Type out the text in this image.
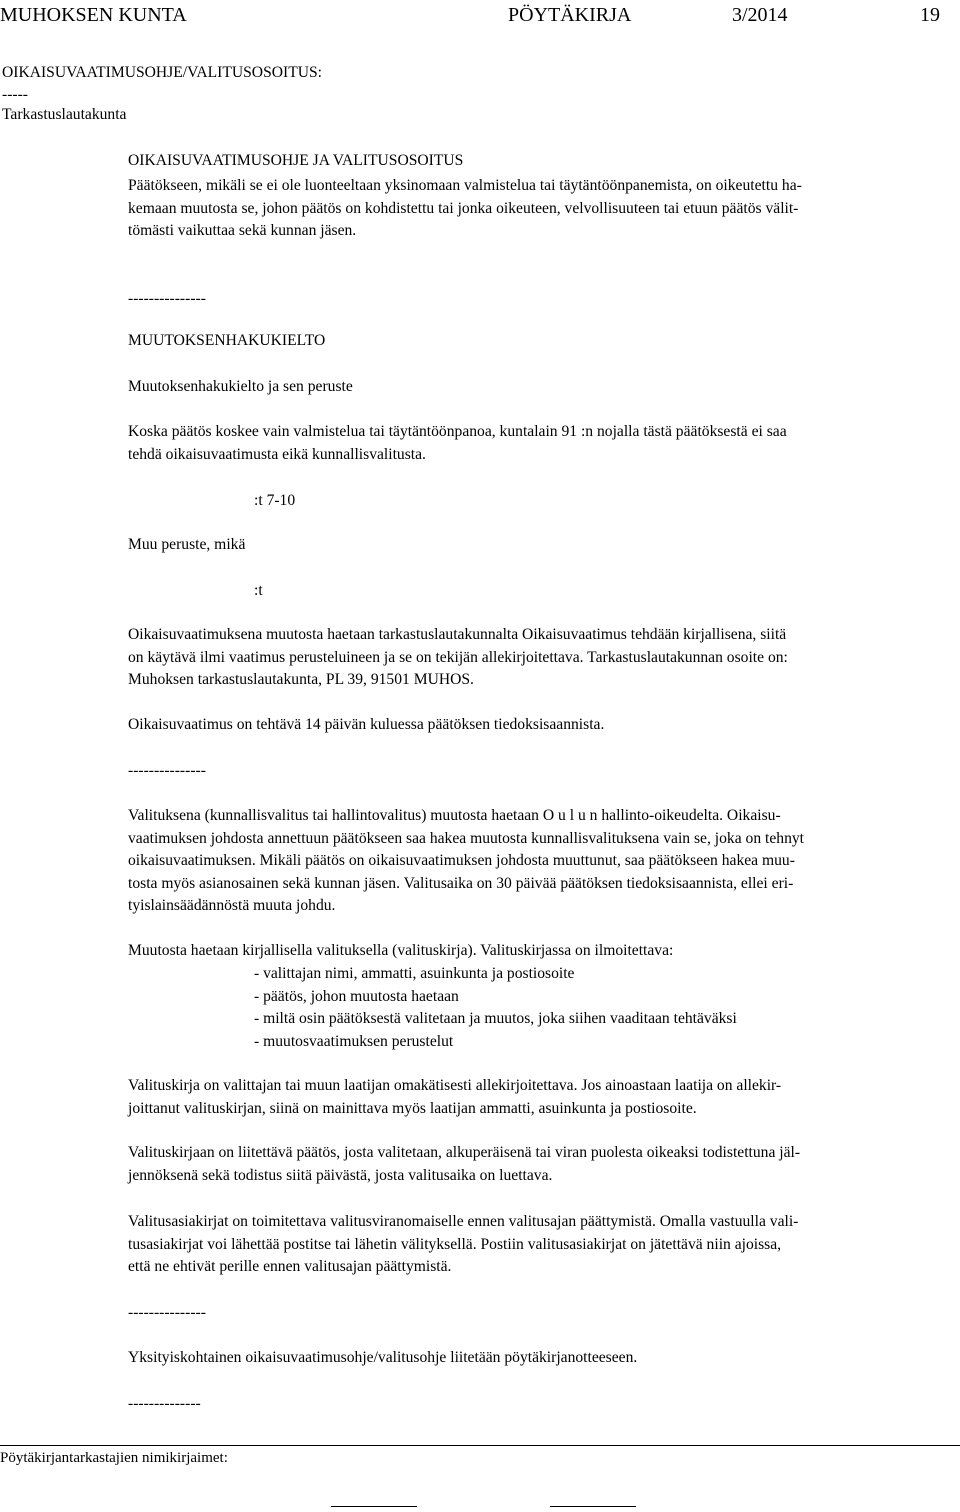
MUHOKSEN KUNTA	PÖYTÄKIRJA	3/2014	19
OIKAISUVAATIMUSOHJE/VALITUSOSOITUS:
-----
Tarkastuslautakunta
OIKAISUVAATIMUSOHJE JA VALITUSOSOITUS
Päätökseen, mikäli se ei ole luonteeltaan yksinomaan valmistelua tai täytäntöönpanemista, on oikeutettu ha-
kemaan muutosta se, johon päätös on kohdistettu tai jonka oikeuteen, velvollisuuteen tai etuun päätös välit-
tömästi vaikuttaa sekä kunnan jäsen.
---------------
MUUTOKSENHAKUKIELTO
Muutoksenhakukielto ja sen peruste
Koska päätös koskee vain valmistelua tai täytäntöönpanoa, kuntalain 91 :n nojalla tästä päätöksestä ei saa
tehdä oikaisuvaatimusta eikä kunnallisvalitusta.
:t 7-10
Muu peruste, mikä
:t
Oikaisuvaatimuksena muutosta haetaan tarkastuslautakunnalta Oikaisuvaatimus tehdään kirjallisena, siitä
on käytävä ilmi vaatimus perusteluineen ja se on tekijän allekirjoitettava. Tarkastuslautakunnan osoite on:
Muhoksen tarkastuslautakunta, PL 39, 91501 MUHOS.
Oikaisuvaatimus on tehtävä 14 päivän kuluessa päätöksen tiedoksisaannista.
---------------
Valituksena (kunnallisvalitus tai hallintovalitus) muutosta haetaan O u l u n hallinto-oikeudelta. Oikaisu-
vaatimuksen johdosta annettuun päätökseen saa hakea muutosta kunnallisvalituksena vain se, joka on tehnyt
oikaisuvaatimuksen. Mikäli päätös on oikaisuvaatimuksen johdosta muuttunut, saa päätökseen hakea muu-
tosta myös asianosainen sekä kunnan jäsen. Valitusaika on 30 päivää päätöksen tiedoksisaannista, ellei eri-
tyislainsäädännöstä muuta johdu.
Muutosta haetaan kirjallisella valituksella (valituskirja). Valituskirjassa on ilmoitettava:
- valittajan nimi, ammatti, asuinkunta ja postiosoite
- päätös, johon muutosta haetaan
- miltä osin päätöksestä valitetaan ja muutos, joka siihen vaaditaan tehtäväksi
- muutosvaatimuksen perustelut
Valituskirja on valittajan tai muun laatijan omakätisesti allekirjoitettava. Jos ainoastaan laatija on allekir-
joittanut valituskirjan, siinä on mainittava myös laatijan ammatti, asuinkunta ja postiosoite.
Valituskirjaan on liitettävä päätös, josta valitetaan, alkuperäisenä tai viran puolesta oikeaksi todistettuna jäl-
jennöksenä sekä todistus siitä päivästä, josta valitusaika on luettava.
Valitusasiakirjat on toimitettava valitusviranomaiselle ennen valitusajan päättymistä. Omalla vastuulla vali-
tusasiakirjat voi lähettää postitse tai lähetin välityksellä. Postiin valitusasiakirjat on jätettävä niin ajoissa,
että ne ehtivät perille ennen valitusajan päättymistä.
---------------
Yksityiskohtainen oikaisuvaatimusohje/valitusohje liitetään pöytäkirjanotteeseen.
--------------
Pöytäkirjantarkastajien nimikirjaimet:
